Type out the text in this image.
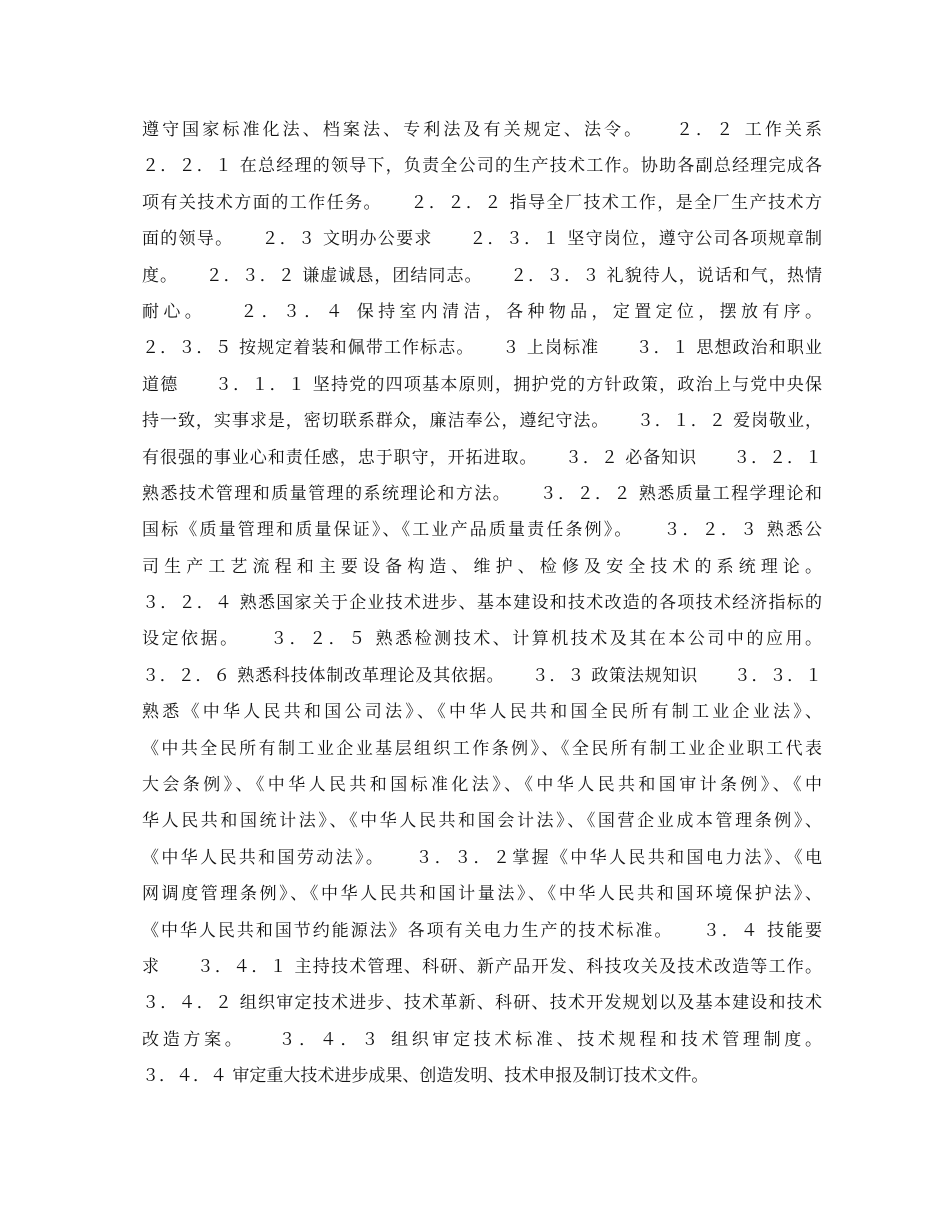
遵守国家标准化法、档案法、专利法及有关规定、法令。　　２．２ 工作关系
２．２．１ 在总经理的领导下，负责全公司的生产技术工作。协助各副总经理完成各
项有关技术方面的工作任务。　　２．２．２ 指导全厂技术工作，是全厂生产技术方
面的领导。　　２．３ 文明办公要求　　２．３．１ 坚守岗位，遵守公司各项规章制
度。　　２．３．２ 谦虚诚恳，团结同志。　　２．３．３ 礼貌待人，说话和气，热情
耐心。　　２．３．４ 保持室内清洁，各种物品，定置定位，摆放有序。
２．３．５ 按规定着装和佩带工作标志。　　３ 上岗标准　　３．１ 思想政治和职业
道德　　３．１．１ 坚持党的四项基本原则，拥护党的方针政策，政治上与党中央保
持一致，实事求是，密切联系群众，廉洁奉公，遵纪守法。　　３．１．２ 爱岗敬业，
有很强的事业心和责任感，忠于职守，开拓进取。　　３．２ 必备知识　　３．２．１
熟悉技术管理和质量管理的系统理论和方法。　　３．２．２ 熟悉质量工程学理论和
国标《质量管理和质量保证》、《工业产品质量责任条例》。　　３．２．３ 熟悉公
司生产工艺流程和主要设备构造、维护、检修及安全技术的系统理论。
３．２．４ 熟悉国家关于企业技术进步、基本建设和技术改造的各项技术经济指标的
设定依据。　　３．２．５ 熟悉检测技术、计算机技术及其在本公司中的应用。
３．２．６ 熟悉科技体制改革理论及其依据。　　３．３ 政策法规知识　　３．３．１
熟悉《中华人民共和国公司法》、《中华人民共和国全民所有制工业企业法》、
《中共全民所有制工业企业基层组织工作条例》、《全民所有制工业企业职工代表
大会条例》、《中华人民共和国标准化法》、《中华人民共和国审计条例》、《中
华人民共和国统计法》、《中华人民共和国会计法》、《国营企业成本管理条例》、
《中华人民共和国劳动法》。　　３．３．２掌握《中华人民共和国电力法》、《电
网调度管理条例》、《中华人民共和国计量法》、《中华人民共和国环境保护法》、
《中华人民共和国节约能源法》各项有关电力生产的技术标准。　　３．４ 技能要
求　　３．４．１ 主持技术管理、科研、新产品开发、科技攻关及技术改造等工作。
３．４．２ 组织审定技术进步、技术革新、科研、技术开发规划以及基本建设和技术
改造方案。　　３．４．３ 组织审定技术标准、技术规程和技术管理制度。
３．４．４ 审定重大技术进步成果、创造发明、技术申报及制订技术文件。
